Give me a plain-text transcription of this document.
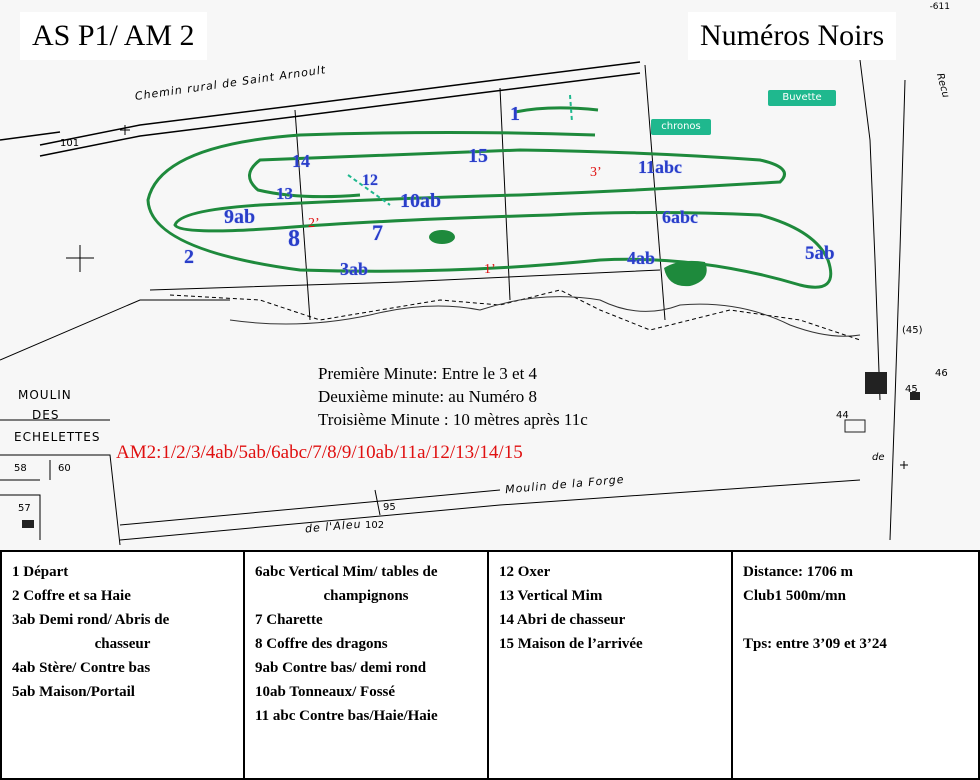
1
2
3ab
4ab	5ab
6abc
7
8
9ab
10ab
11abc
12
13
14	15
1’
2’
3’
AS P1/ AM 2	Numéros Noirs
-611
Buvette
chronos
Chemin rural de Saint Arnoult
101
Moulin de la Forge
de l'Aleu
95
102
MOULIN
DES
ECHELETTES
58	60
57
44
45
46
(45)
Recu
de
Première Minute: Entre le 3 et 4
Deuxième minute: au Numéro 8
Troisième Minute : 10 mètres après 11c
AM2:1/2/3/4ab/5ab/6abc/7/8/9/10ab/11a/12/13/14/15
1 Départ
2 Coffre et sa Haie
3ab Demi rond/ Abris de
chasseur
4ab Stère/ Contre bas
5ab Maison/Portail
6abc Vertical Mim/ tables de
champignons
7 Charette
8 Coffre des dragons
9ab Contre bas/ demi rond
10ab Tonneaux/ Fossé
11 abc Contre bas/Haie/Haie
12 Oxer
13 Vertical Mim
14 Abri de chasseur
15 Maison de l’arrivée
Distance: 1706 m
Club1 500m/mn
Tps: entre 3’09 et 3’24
